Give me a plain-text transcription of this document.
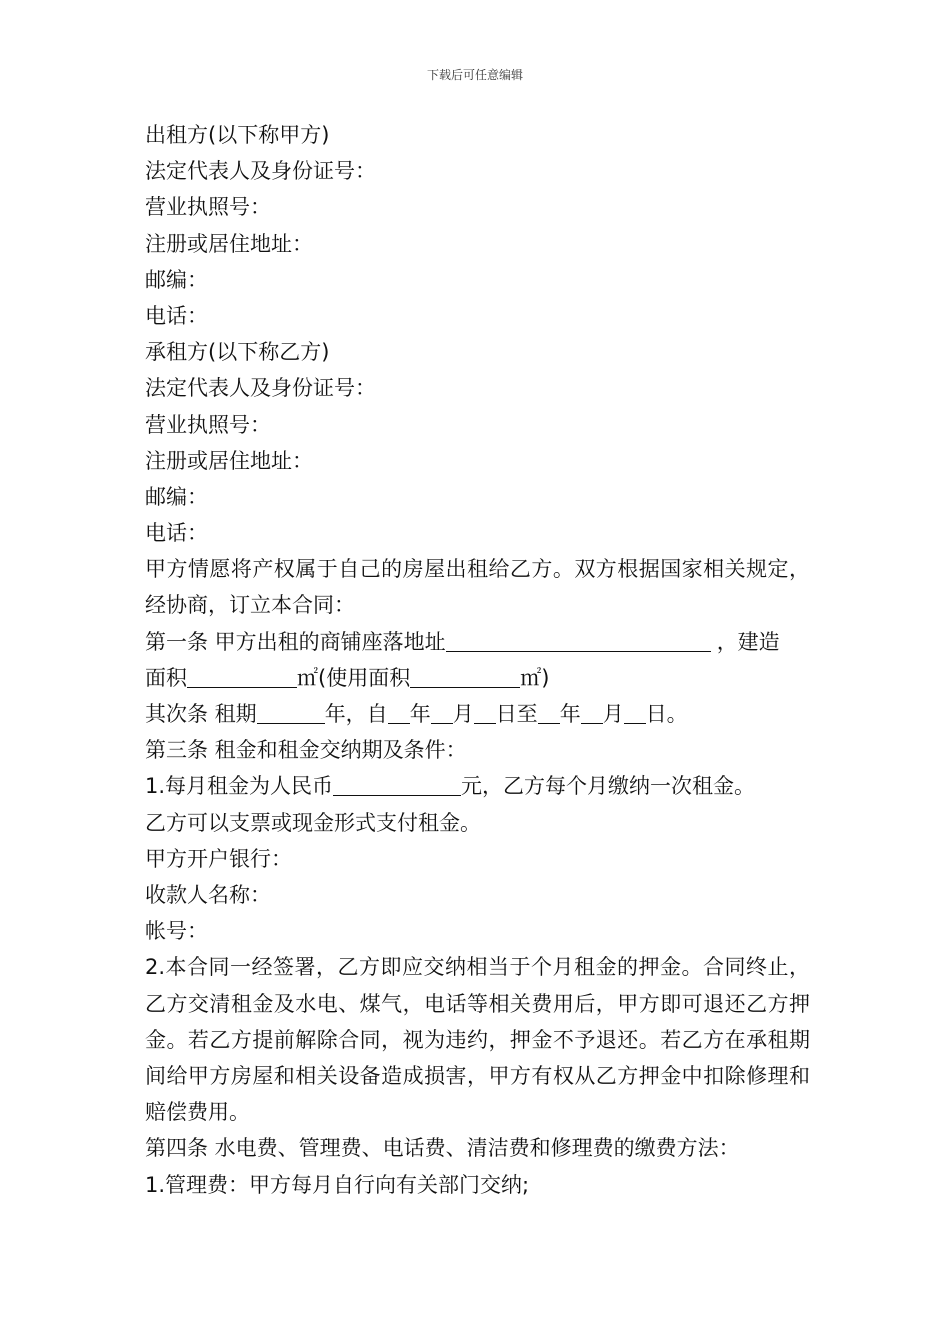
下载后可任意编辑
出租方(以下称甲方)
法定代表人及身份证号：
营业执照号：
注册或居住地址：
邮编：
电话：
承租方(以下称乙方)
法定代表人及身份证号：
营业执照号：
注册或居住地址：
邮编：
电话：
甲方情愿将产权属于自己的房屋出租给乙方。双方根据国家相关规定，经协商，订立本合同：
第一条 甲方出租的商铺座落地址	，建造
面积	㎡(使用面积	㎡)
其次条 租期	年，自 年 月 日至 年 月 日。
第三条 租金和租金交纳期及条件：
1.每月租金为人民币	元，乙方每个月缴纳一次租金。
乙方可以支票或现金形式支付租金。
甲方开户银行：
收款人名称：
帐号：
2.本合同一经签署，乙方即应交纳相当于个月租金的押金。合同终止，乙方交清租金及水电、煤气，电话等相关费用后，甲方即可退还乙方押金。若乙方提前解除合同，视为违约，押金不予退还。若乙方在承租期间给甲方房屋和相关设备造成损害，甲方有权从乙方押金中扣除修理和赔偿费用。
第四条 水电费、管理费、电话费、清洁费和修理费的缴费方法：
1.管理费：甲方每月自行向有关部门交纳;
